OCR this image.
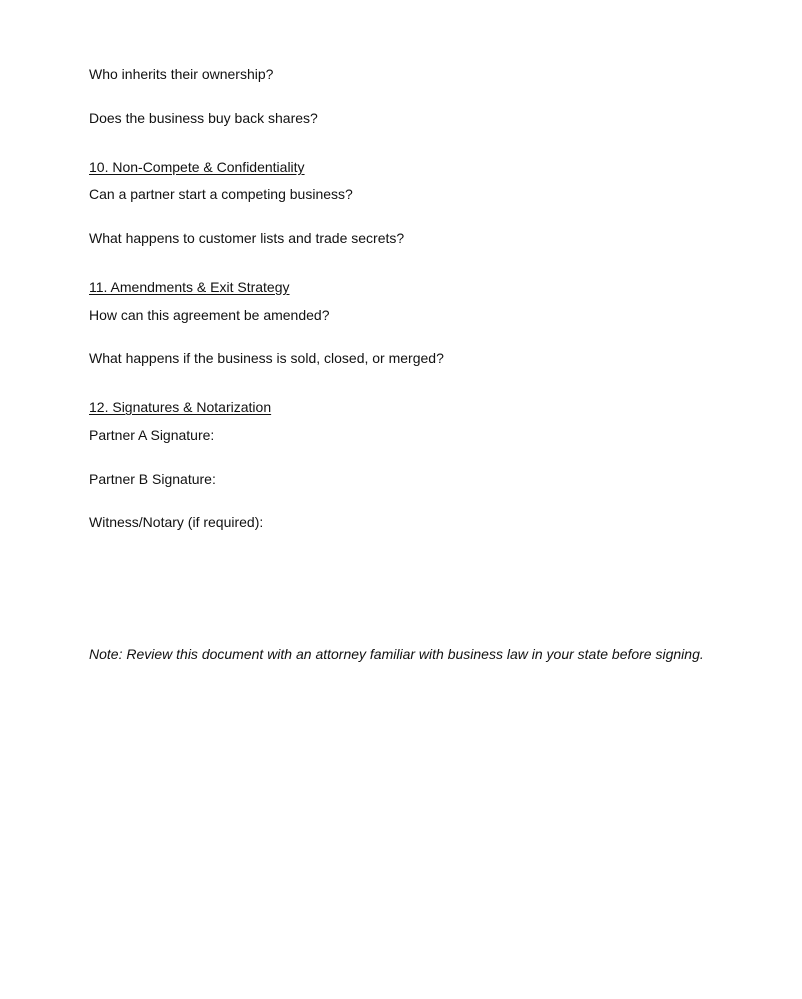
Who inherits their ownership?
Does the business buy back shares?
10. Non-Compete & Confidentiality
Can a partner start a competing business?
What happens to customer lists and trade secrets?
11. Amendments & Exit Strategy
How can this agreement be amended?
What happens if the business is sold, closed, or merged?
12. Signatures & Notarization
Partner A Signature:
Partner B Signature:
Witness/Notary (if required):
Note: Review this document with an attorney familiar with business law in your state before signing.
